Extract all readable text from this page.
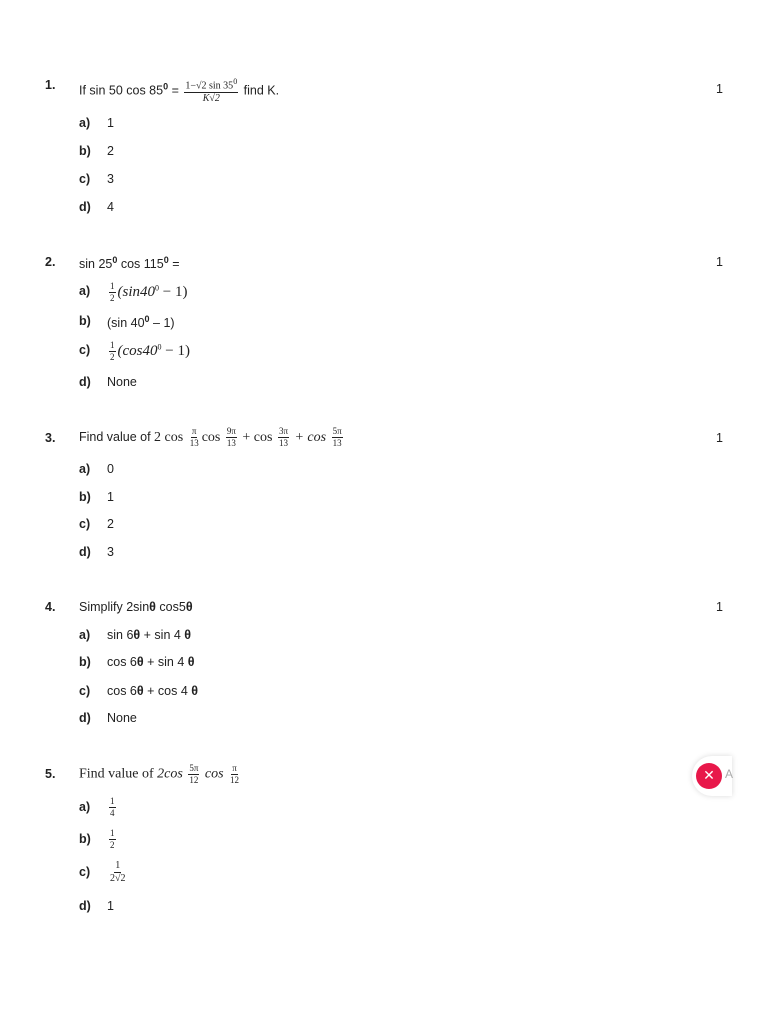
1. If sin 50 $\cos 85^0 = \frac{1-√2 \sin 35^0}{K√2}$ find K.	1
a) 1
b) 2
c) 3
d) 4
2. $\sin 25^0$ $\cos 115^0$ =	1
$a) \frac{1}{2} (\sin 40^0 - 1)$
b) (sin $40^0 - 1$)
$c) \frac{1}{2} (\cos 40^0 - 1)$
d) None
3. Find value of 2 $\cos \frac{\pi}{13}$ $\cos \frac{9\pi}{13} + \cos \frac{3\pi}{13} + \cos \frac{5\pi}{13}$	1
a) 0
b) 1
c) 2
d) 3
4. Simplify 2sinθ cos5θ	1
a) sin 6θ + sin 4 θ
b) cos 6θ + sin 4 θ
c) cos 6θ + cos 4 θ
d) None
5. Find value of $2\cos \frac{5\pi}{12}$ $\cos \frac{\pi}{12}$
$a) \frac{1}{4}$
$b) \frac{1}{2}$
$c) \frac{1}{2√2}$
d) 1
✕ A
